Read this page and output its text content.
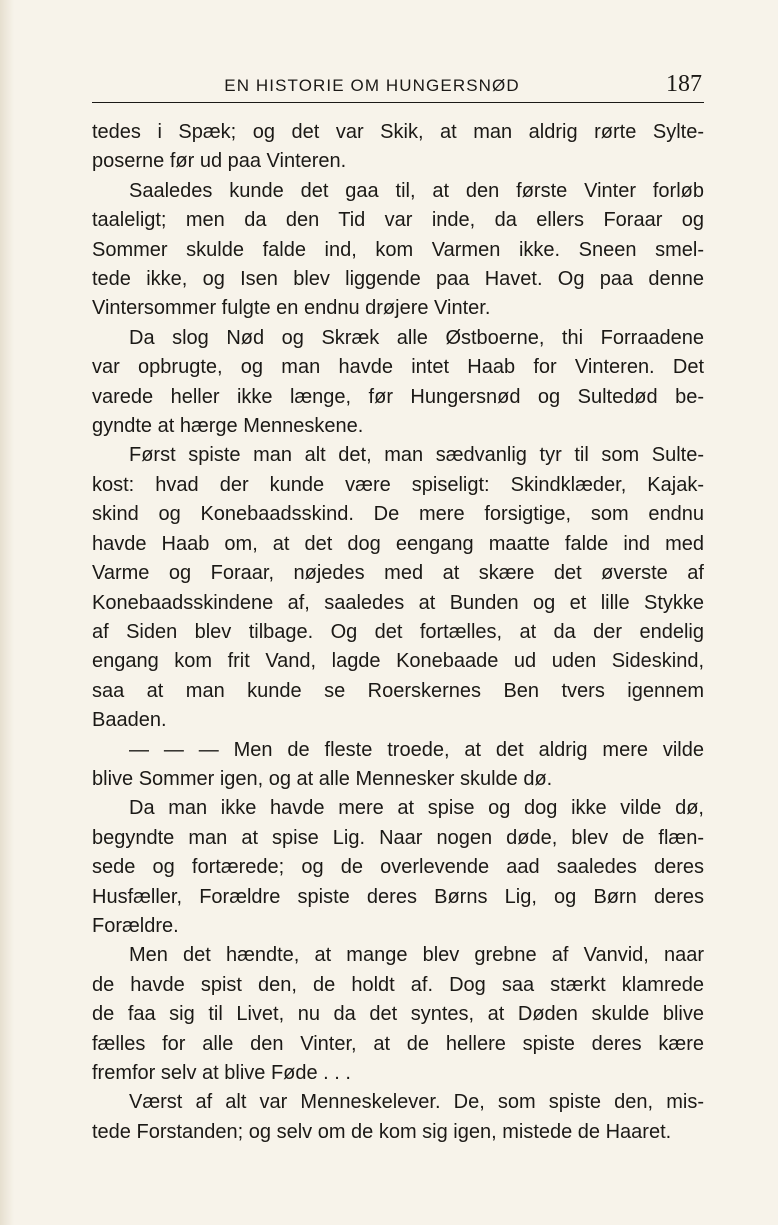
EN HISTORIE OM HUNGERSNØD	187
tedes i Spæk; og det var Skik, at man aldrig rørte Sylte-
poserne før ud paa Vinteren.
Saaledes kunde det gaa til, at den første Vinter forløb
taaleligt; men da den Tid var inde, da ellers Foraar og
Sommer skulde falde ind, kom Varmen ikke. Sneen smel-
tede ikke, og Isen blev liggende paa Havet. Og paa denne
Vintersommer fulgte en endnu drøjere Vinter.
Da slog Nød og Skræk alle Østboerne, thi Forraadene
var opbrugte, og man havde intet Haab for Vinteren. Det
varede heller ikke længe, før Hungersnød og Sultedød be-
gyndte at hærge Menneskene.
Først spiste man alt det, man sædvanlig tyr til som Sulte-
kost: hvad der kunde være spiseligt: Skindklæder, Kajak-
skind og Konebaadsskind. De mere forsigtige, som endnu
havde Haab om, at det dog eengang maatte falde ind med
Varme og Foraar, nøjedes med at skære det øverste af
Konebaadsskindene af, saaledes at Bunden og et lille Stykke
af Siden blev tilbage. Og det fortælles, at da der endelig
engang kom frit Vand, lagde Konebaade ud uden Sideskind,
saa at man kunde se Roerskernes Ben tvers igennem
Baaden.
— — — Men de fleste troede, at det aldrig mere vilde
blive Sommer igen, og at alle Mennesker skulde dø.
Da man ikke havde mere at spise og dog ikke vilde dø,
begyndte man at spise Lig. Naar nogen døde, blev de flæn-
sede og fortærede; og de overlevende aad saaledes deres
Husfæller, Forældre spiste deres Børns Lig, og Børn deres
Forældre.
Men det hændte, at mange blev grebne af Vanvid, naar
de havde spist den, de holdt af. Dog saa stærkt klamrede
de faa sig til Livet, nu da det syntes, at Døden skulde blive
fælles for alle den Vinter, at de hellere spiste deres kære
fremfor selv at blive Føde . . .
Værst af alt var Menneskelever. De, som spiste den, mis-
tede Forstanden; og selv om de kom sig igen, mistede de Haaret.
